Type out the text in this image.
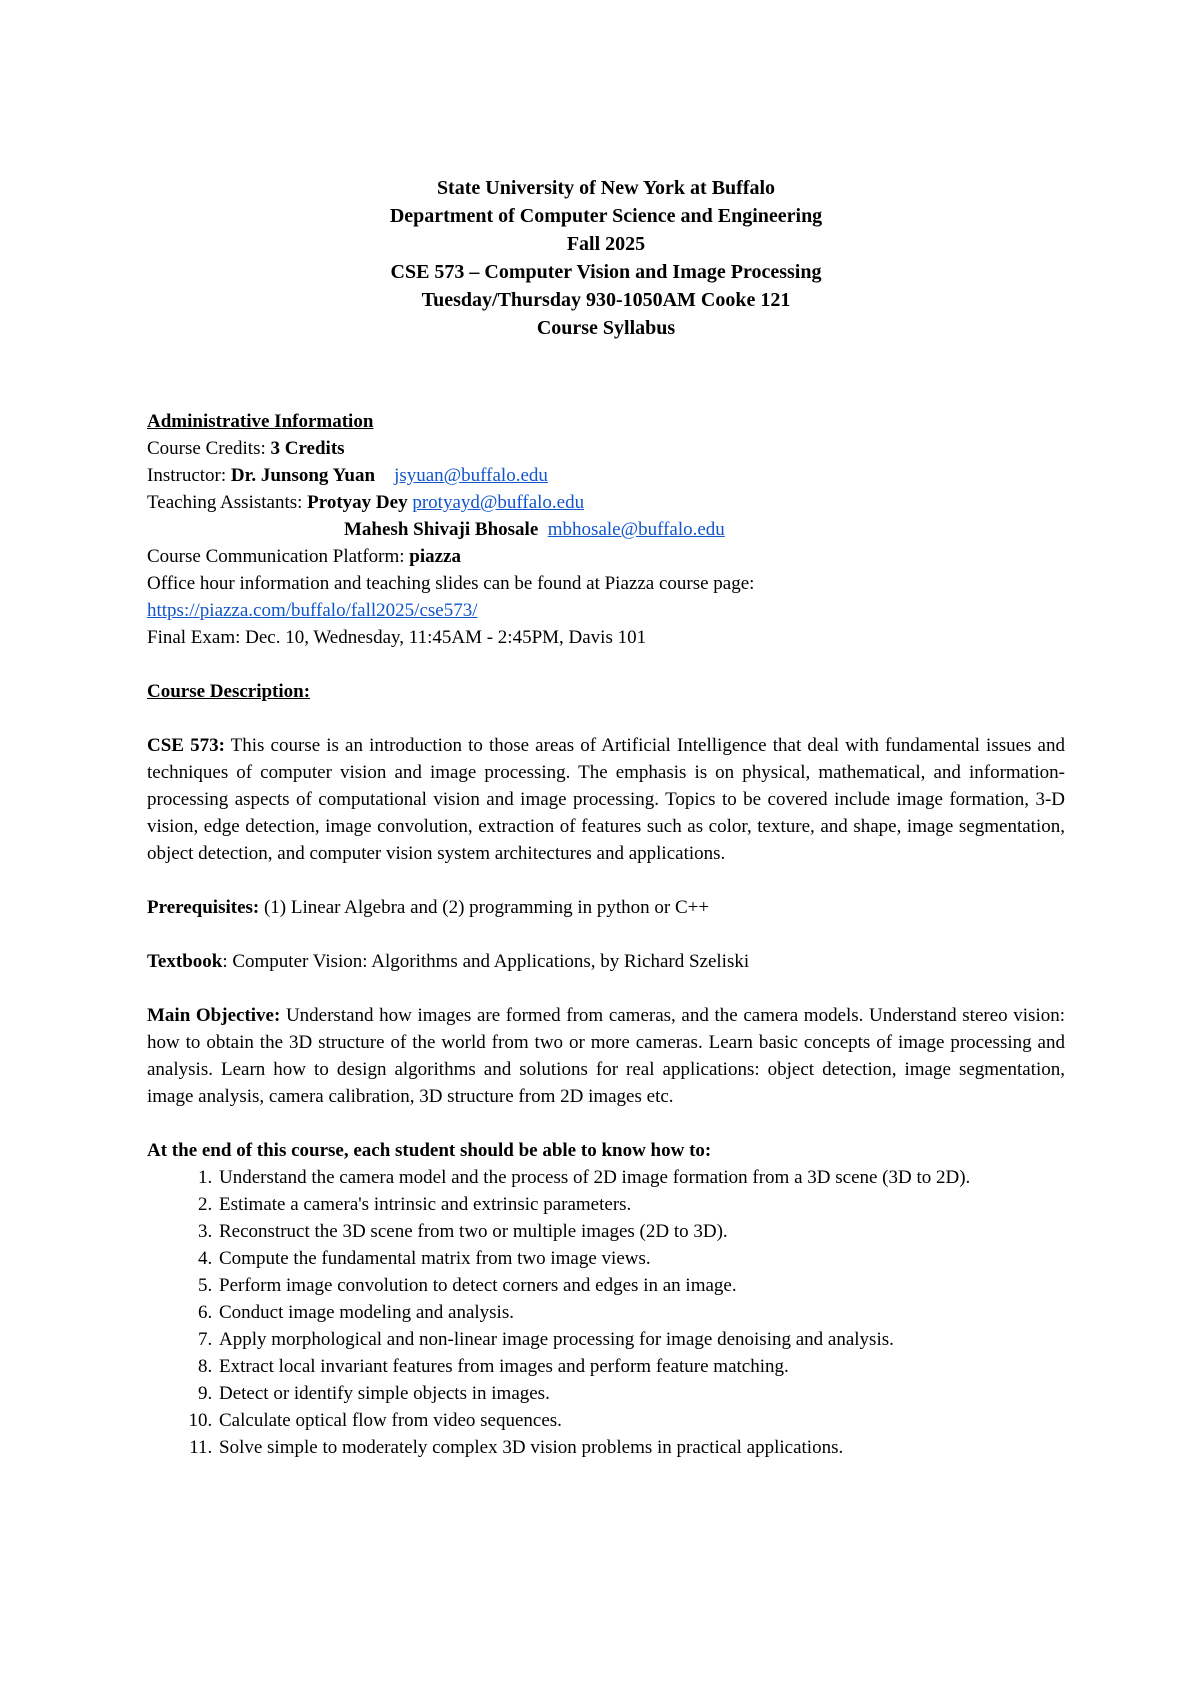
State University of New York at Buffalo
Department of Computer Science and Engineering
Fall 2025
CSE 573 – Computer Vision and Image Processing
Tuesday/Thursday 930-1050AM Cooke 121
Course Syllabus
Administrative Information
Course Credits: 3 Credits
Instructor: Dr. Junsong Yuan jsyuan@buffalo.edu
Teaching Assistants: Protyay Dey protyayd@buffalo.edu
Mahesh Shivaji Bhosale mbhosale@buffalo.edu
Course Communication Platform: piazza
Office hour information and teaching slides can be found at Piazza course page:
https://piazza.com/buffalo/fall2025/cse573/
Final Exam: Dec. 10, Wednesday, 11:45AM - 2:45PM, Davis 101
Course Description:
CSE 573: This course is an introduction to those areas of Artificial Intelligence that deal with fundamental issues and techniques of computer vision and image processing. The emphasis is on physical, mathematical, and information-processing aspects of computational vision and image processing. Topics to be covered include image formation, 3-D vision, edge detection, image convolution, extraction of features such as color, texture, and shape, image segmentation, object detection, and computer vision system architectures and applications.
Prerequisites: (1) Linear Algebra and (2) programming in python or C++
Textbook: Computer Vision: Algorithms and Applications, by Richard Szeliski
Main Objective: Understand how images are formed from cameras, and the camera models. Understand stereo vision: how to obtain the 3D structure of the world from two or more cameras. Learn basic concepts of image processing and analysis. Learn how to design algorithms and solutions for real applications: object detection, image segmentation, image analysis, camera calibration, 3D structure from 2D images etc.
At the end of this course, each student should be able to know how to:
1. Understand the camera model and the process of 2D image formation from a 3D scene (3D to 2D).
2. Estimate a camera's intrinsic and extrinsic parameters.
3. Reconstruct the 3D scene from two or multiple images (2D to 3D).
4. Compute the fundamental matrix from two image views.
5. Perform image convolution to detect corners and edges in an image.
6. Conduct image modeling and analysis.
7. Apply morphological and non-linear image processing for image denoising and analysis.
8. Extract local invariant features from images and perform feature matching.
9. Detect or identify simple objects in images.
10. Calculate optical flow from video sequences.
11. Solve simple to moderately complex 3D vision problems in practical applications.
